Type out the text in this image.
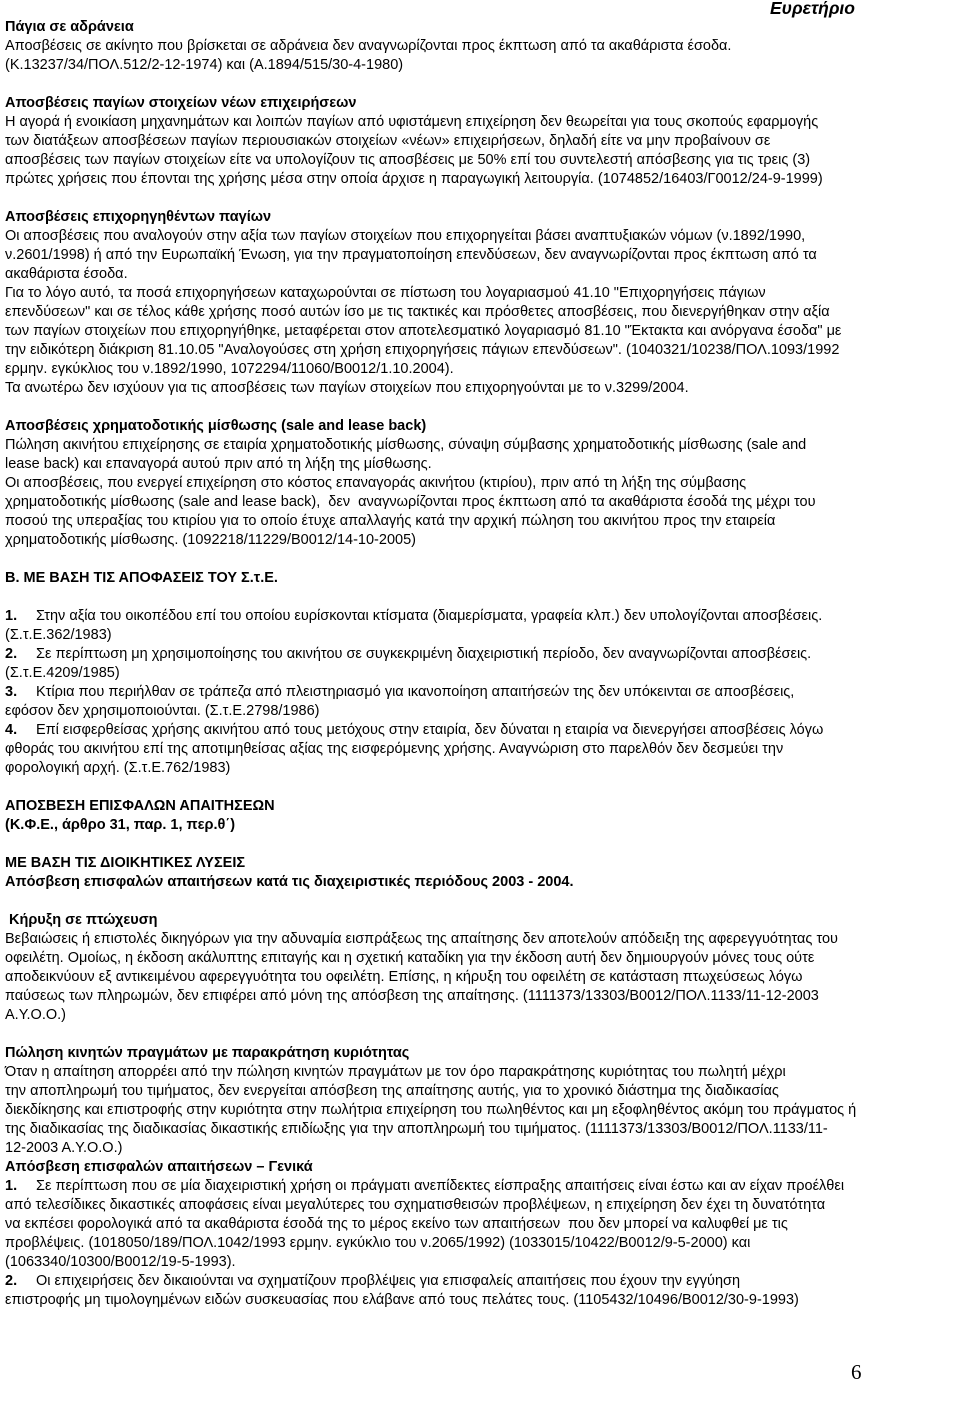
Ευρετήριο
Πάγια σε αδράνεια
Αποσβέσεις σε ακίνητο που βρίσκεται σε αδράνεια δεν αναγνωρίζονται προς έκπτωση από τα ακαθάριστα έσοδα.
(Κ.13237/34/ΠΟΛ.512/2-12-1974) και (Α.1894/515/30-4-1980)
Αποσβέσεις παγίων στοιχείων νέων επιχειρήσεων
Η αγορά ή ενοικίαση μηχανημάτων και λοιπών παγίων από υφιστάμενη επιχείρηση δεν θεωρείται για τους σκοπούς εφαρμογής
των διατάξεων αποσβέσεων παγίων περιουσιακών στοιχείων «νέων» επιχειρήσεων, δηλαδή είτε να μην προβαίνουν σε
αποσβέσεις των παγίων στοιχείων είτε να υπολογίζουν τις αποσβέσεις με 50% επί του συντελεστή απόσβεσης για τις τρεις (3)
πρώτες χρήσεις που έπονται της χρήσης μέσα στην οποία άρχισε η παραγωγική λειτουργία. (1074852/16403/Γ0012/24-9-1999)
Αποσβέσεις επιχορηγηθέντων παγίων
Οι αποσβέσεις που αναλογούν στην αξία των παγίων στοιχείων που επιχορηγείται βάσει αναπτυξιακών νόμων (ν.1892/1990,
ν.2601/1998) ή από την Ευρωπαϊκή Ένωση, για την πραγματοποίηση επενδύσεων, δεν αναγνωρίζονται προς έκπτωση από τα
ακαθάριστα έσοδα.
Για το λόγο αυτό, τα ποσά επιχορηγήσεων καταχωρούνται σε πίστωση του λογαριασμού 41.10 "Επιχορηγήσεις πάγιων
επενδύσεων" και σε τέλος κάθε χρήσης ποσό αυτών ίσο με τις τακτικές και πρόσθετες αποσβέσεις, που διενεργήθηκαν στην αξία
των παγίων στοιχείων που επιχορηγήθηκε, μεταφέρεται στον αποτελεσματικό λογαριασμό 81.10 "Έκτακτα και ανόργανα έσοδα" με
την ειδικότερη διάκριση 81.10.05 "Αναλογούσες στη χρήση επιχορηγήσεις πάγιων επενδύσεων". (1040321/10238/ΠΟΛ.1093/1992
ερμην. εγκύκλιος του ν.1892/1990, 1072294/11060/Β0012/1.10.2004).
Τα ανωτέρω δεν ισχύουν για τις αποσβέσεις των παγίων στοιχείων που επιχορηγούνται με το ν.3299/2004.
Αποσβέσεις χρηματοδοτικής μίσθωσης (sale and lease back)
Πώληση ακινήτου επιχείρησης σε εταιρία χρηματοδοτικής μίσθωσης, σύναψη σύμβασης χρηματοδοτικής μίσθωσης (sale and
lease back) και επαναγορά αυτού πριν από τη λήξη της μίσθωσης.
Οι αποσβέσεις, που ενεργεί επιχείρηση στο κόστος επαναγοράς ακινήτου (κτιρίου), πριν από τη λήξη της σύμβασης
χρηματοδοτικής μίσθωσης (sale and lease back),  δεν  αναγνωρίζονται προς έκπτωση από τα ακαθάριστα έσοδά της μέχρι του
ποσού της υπεραξίας του κτιρίου για το οποίο έτυχε απαλλαγής κατά την αρχική πώληση του ακινήτου προς την εταιρεία
χρηματοδοτικής μίσθωσης. (1092218/11229/Β0012/14-10-2005)
Β. ΜΕ ΒΑΣΗ ΤΙΣ ΑΠΟΦΑΣΕΙΣ ΤΟΥ Σ.τ.Ε.
1. Στην αξία του οικοπέδου επί του οποίου ευρίσκονται κτίσματα (διαμερίσματα, γραφεία κλπ.) δεν υπολογίζονται αποσβέσεις.
(Σ.τ.Ε.362/1983)
2. Σε περίπτωση μη χρησιμοποίησης του ακινήτου σε συγκεκριμένη διαχειριστική περίοδο, δεν αναγνωρίζονται αποσβέσεις.
(Σ.τ.Ε.4209/1985)
3. Κτίρια που περιήλθαν σε τράπεζα από πλειστηριασμό για ικανοποίηση απαιτήσεών της δεν υπόκεινται σε αποσβέσεις,
εφόσον δεν χρησιμοποιούνται. (Σ.τ.Ε.2798/1986)
4. Επί εισφερθείσας χρήσης ακινήτου από τους μετόχους στην εταιρία, δεν δύναται η εταιρία να διενεργήσει αποσβέσεις λόγω
φθοράς του ακινήτου επί της αποτιμηθείσας αξίας της εισφερόμενης χρήσης. Αναγνώριση στο παρελθόν δεν δεσμεύει την
φορολογική αρχή. (Σ.τ.Ε.762/1983)
ΑΠΟΣΒΕΣΗ ΕΠΙΣΦΑΛΩΝ ΑΠΑΙΤΗΣΕΩΝ
(Κ.Φ.Ε., άρθρο 31, παρ. 1, περ.θ΄)
ΜΕ ΒΑΣΗ ΤΙΣ ΔΙΟΙΚΗΤΙΚΕΣ ΛΥΣΕΙΣ
Απόσβεση επισφαλών απαιτήσεων κατά τις διαχειριστικές περιόδους 2003 - 2004.
Κήρυξη σε πτώχευση
Βεβαιώσεις ή επιστολές δικηγόρων για την αδυναμία εισπράξεως της απαίτησης δεν αποτελούν απόδειξη της αφερεγγυότητας του
οφειλέτη. Ομοίως, η έκδοση ακάλυπτης επιταγής και η σχετική καταδίκη για την έκδοση αυτή δεν δημιουργούν μόνες τους ούτε
αποδεικνύουν εξ αντικειμένου αφερεγγυότητα του οφειλέτη. Επίσης, η κήρυξη του οφειλέτη σε κατάσταση πτωχεύσεως λόγω
παύσεως των πληρωμών, δεν επιφέρει από μόνη της απόσβεση της απαίτησης. (1111373/13303/Β0012/ΠΟΛ.1133/11-12-2003
Α.Υ.Ο.Ο.)
Πώληση κινητών πραγμάτων με παρακράτηση κυριότητας
Όταν η απαίτηση απορρέει από την πώληση κινητών πραγμάτων με τον όρο παρακράτησης κυριότητας του πωλητή μέχρι
την αποπληρωμή του τιμήματος, δεν ενεργείται απόσβεση της απαίτησης αυτής, για το χρονικό διάστημα της διαδικασίας
διεκδίκησης και επιστροφής στην κυριότητα στην πωλήτρια επιχείρηση του πωληθέντος και μη εξοφληθέντος ακόμη του πράγματος ή
της διαδικασίας της διαδικασίας δικαστικής επιδίωξης για την αποπληρωμή του τιμήματος. (1111373/13303/Β0012/ΠΟΛ.1133/11-
12-2003 Α.Υ.Ο.Ο.)
Απόσβεση επισφαλών απαιτήσεων – Γενικά
1. Σε περίπτωση που σε μία διαχειριστική χρήση οι πράγματι ανεπίδεκτες είσπραξης απαιτήσεις είναι έστω και αν είχαν προέλθει
από τελεσίδικες δικαστικές αποφάσεις είναι μεγαλύτερες του σχηματισθεισών προβλέψεων, η επιχείρηση δεν έχει τη δυνατότητα
να εκπέσει φορολογικά από τα ακαθάριστα έσοδά της το μέρος εκείνο των απαιτήσεων  που δεν μπορεί να καλυφθεί με τις
προβλέψεις. (1018050/189/ΠΟΛ.1042/1993 ερμην. εγκύκλιο του ν.2065/1992) (1033015/10422/Β0012/9-5-2000) και
(1063340/10300/Β0012/19-5-1993).
2. Οι επιχειρήσεις δεν δικαιούνται να σχηματίζουν προβλέψεις για επισφαλείς απαιτήσεις που έχουν την εγγύηση
επιστροφής μη τιμολογημένων ειδών συσκευασίας που ελάβανε από τους πελάτες τους. (1105432/10496/Β0012/30-9-1993)
6
